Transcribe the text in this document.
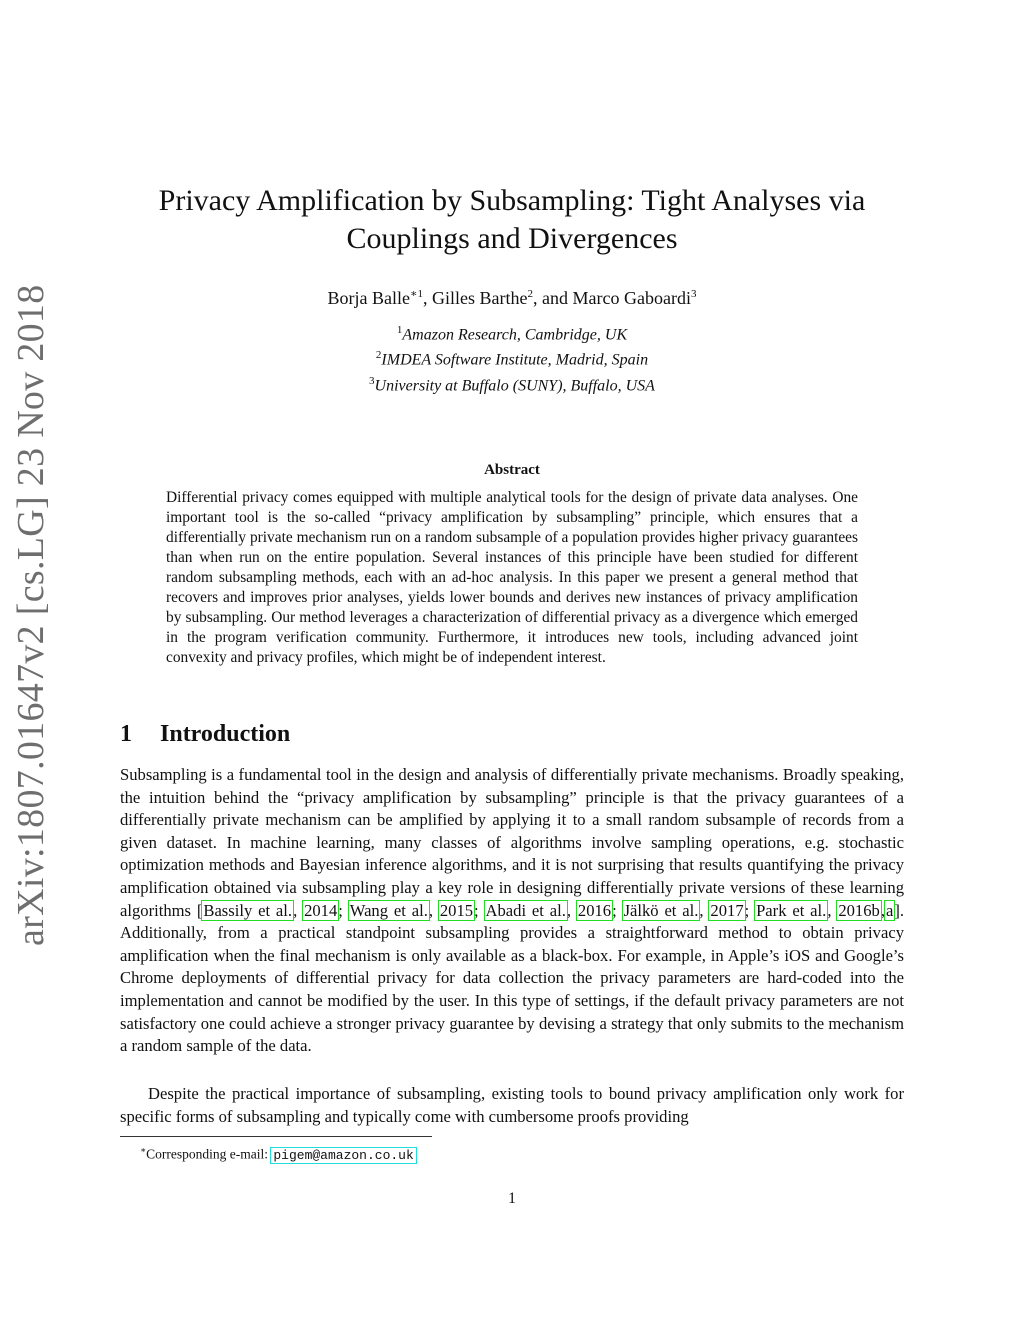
arXiv:1807.01647v2 [cs.LG] 23 Nov 2018
Privacy Amplification by Subsampling: Tight Analyses via
Couplings and Divergences
Borja Balle$^{∗1}$, Gilles Barthe$^2$, and Marco Gaboardi$^3$
$^1$Amazon Research, Cambridge, UK
$^2$IMDEA Software Institute, Madrid, Spain
$^3$University at Buffalo (SUNY), Buffalo, USA
Abstract
Differential privacy comes equipped with multiple analytical tools for the design of private data analyses. One important tool is the so-called “privacy amplification by subsampling” principle, which ensures that a differentially private mechanism run on a random subsample of a population provides higher privacy guarantees than when run on the entire population. Several instances of this principle have been studied for different random subsampling methods, each with an ad-hoc analysis. In this paper we present a general method that recovers and improves prior analyses, yields lower bounds and derives new instances of privacy amplification by subsampling. Our method leverages a characterization of differential privacy as a divergence which emerged in the program verification community. Furthermore, it introduces new tools, including advanced joint convexity and privacy profiles, which might be of independent interest.
1 Introduction
Subsampling is a fundamental tool in the design and analysis of differentially private mechanisms. Broadly speaking, the intuition behind the “privacy amplification by subsampling” principle is that the privacy guarantees of a differentially private mechanism can be amplified by applying it to a small random subsample of records from a given dataset. In machine learning, many classes of algorithms involve sampling operations, e.g. stochastic optimization methods and Bayesian inference algorithms, and it is not surprising that results quantifying the privacy amplification obtained via subsampling play a key role in designing differentially private versions of these learning algorithms [Bassily et al., 2014; Wang et al., 2015; Abadi et al., 2016; Jälkö et al., 2017; Park et al., 2016b,a]. Additionally, from a practical standpoint subsampling provides a straightforward method to obtain privacy amplification when the final mechanism is only available as a black-box. For example, in Apple’s iOS and Google’s Chrome deployments of differential privacy for data collection the privacy parameters are hard-coded into the implementation and cannot be modified by the user. In this type of settings, if the default privacy parameters are not satisfactory one could achieve a stronger privacy guarantee by devising a strategy that only submits to the mechanism a random sample of the data.
Despite the practical importance of subsampling, existing tools to bound privacy amplification only work for specific forms of subsampling and typically come with cumbersome proofs providing
∗Corresponding e-mail: pigem@amazon.co.uk
1
